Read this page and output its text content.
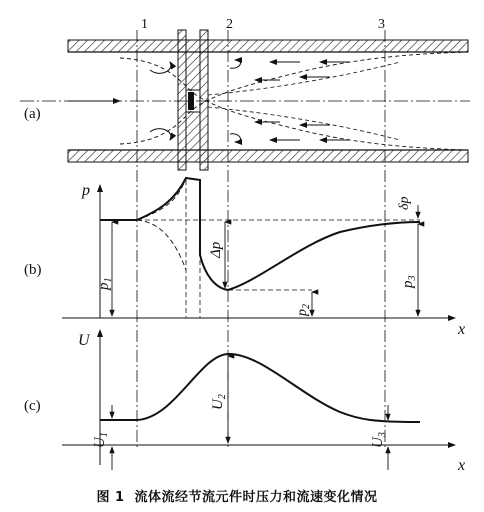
1	2	3
(a)
p
x
(b)
$p_1$
Δp
$p_2$
$p_3$
δp
U
x
(c)
$U_1$
$U_2$
$U_3$
图 1 流体流经节流元件时压力和流速变化情况
